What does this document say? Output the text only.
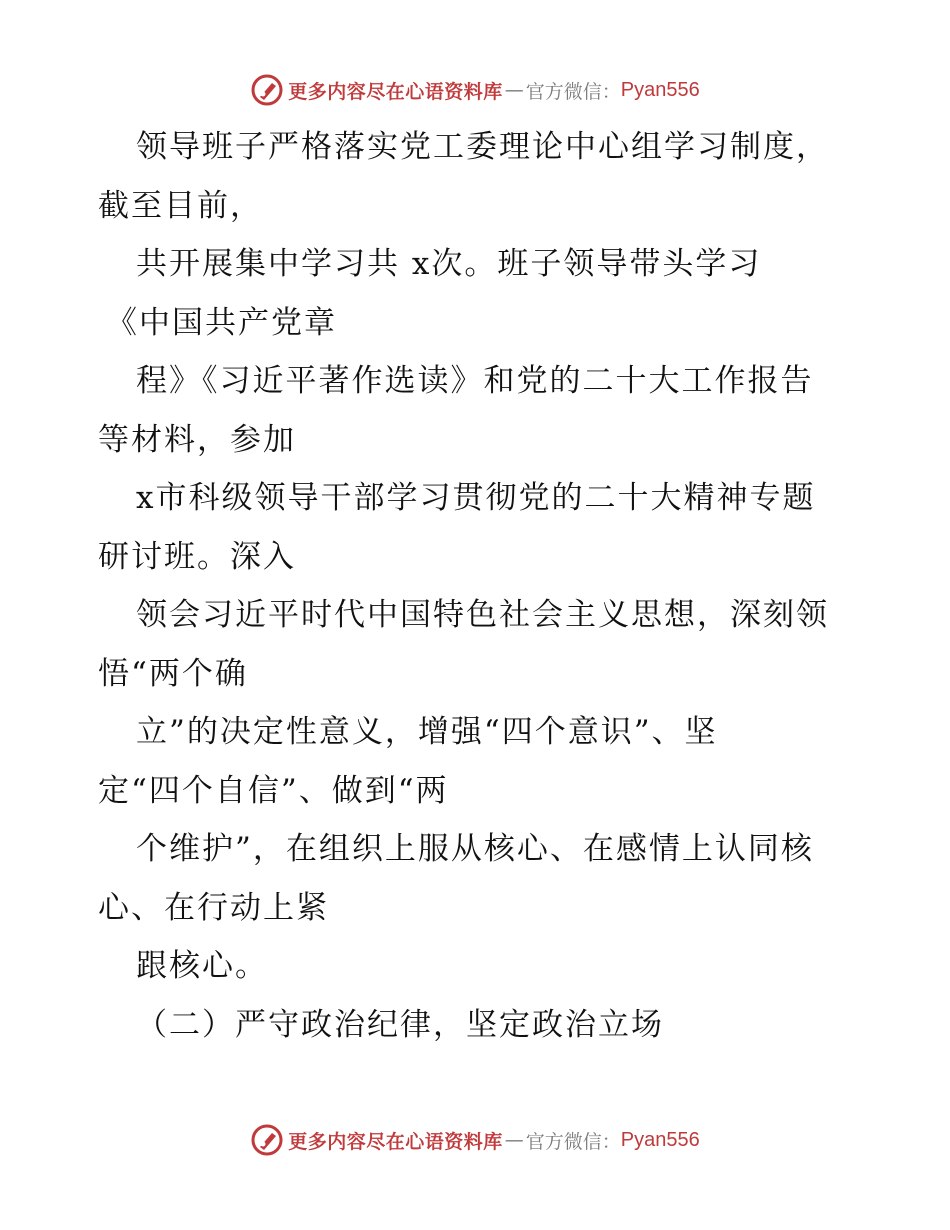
更多内容尽在心语资料库 — 官方微信： Pyan556
领导班子严格落实党工委理论中心组学习制度，
截至目前，
共开展集中学习共 x次。班子领导带头学习
《中国共产党章
程》《习近平著作选读》和党的二十大工作报告
等材料，参加
x市科级领导干部学习贯彻党的二十大精神专题
研讨班。深入
领会习近平时代中国特色社会主义思想，深刻领
悟“两个确
立”的决定性意义，增强“四个意识”、坚
定“四个自信”、做到“两
个维护”，在组织上服从核心、在感情上认同核
心、在行动上紧
跟核心。
（二）严守政治纪律，坚定政治立场
更多内容尽在心语资料库 — 官方微信： Pyan556
